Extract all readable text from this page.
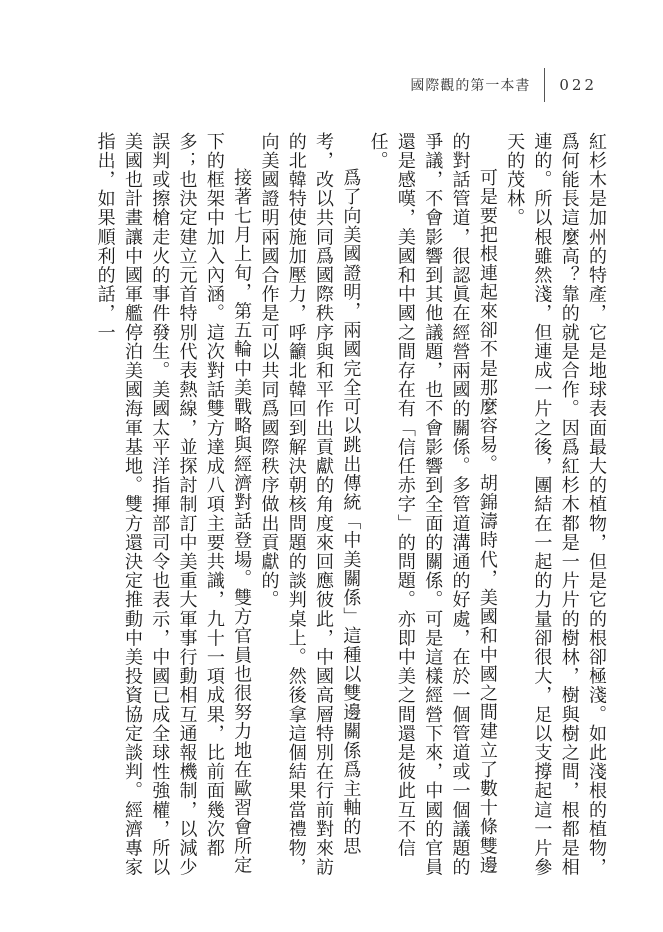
國際觀的第一本書 022

紅杉木是加州的特產，它是地球表面最大的植物，但是它的根卻極淺。如此淺根的植物，爲何能長這麼高？靠的就是合作。因爲紅杉木都是一片片的樹林，樹與樹之間，根都是相連的。所以根雖然淺，但連成一片之後，團結在一起的力量卻很大，足以支撐起這一片參天的茂林。

可是要把根連起來卻不是那麼容易。胡錦濤時代，美國和中國之間建立了數十條雙邊的對話管道，很認眞在經營兩國的關係。多管道溝通的好處，在於一個管道或一個議題的爭議，不會影響到其他議題，也不會影響到全面的關係。可是這樣經營下來，中國的官員還是感嘆，美國和中國之間存在有「信任赤字」的問題。亦即中美之間還是彼此互不信任。

爲了向美國證明，兩國完全可以跳出傳統「中美關係」這種以雙邊關係爲主軸的思考，改以共同爲國際秩序與和平作出貢獻的角度來回應彼此，中國高層特別在行前對來訪的北韓特使施加壓力，呼籲北韓回到解決朝核問題的談判桌上。然後拿這個結果當禮物，向美國證明兩國合作是可以共同爲國際秩序做出貢獻的。

接著七月上旬，第五輪中美戰略與經濟對話登場。雙方官員也很努力地在歐習會所定下的框架中加入內涵。這次對話雙方達成八項主要共識，九十一項成果，比前面幾次都多；也決定建立元首特別代表熱線，並探討制訂中美重大軍事行動相互通報機制，以減少誤判或擦槍走火的事件發生。美國太平洋指揮部司令也表示，中國已成全球性強權，所以美國也計畫讓中國軍艦停泊美國海軍基地。雙方還決定推動中美投資協定談判。經濟專家指出，如果順利的話，一
